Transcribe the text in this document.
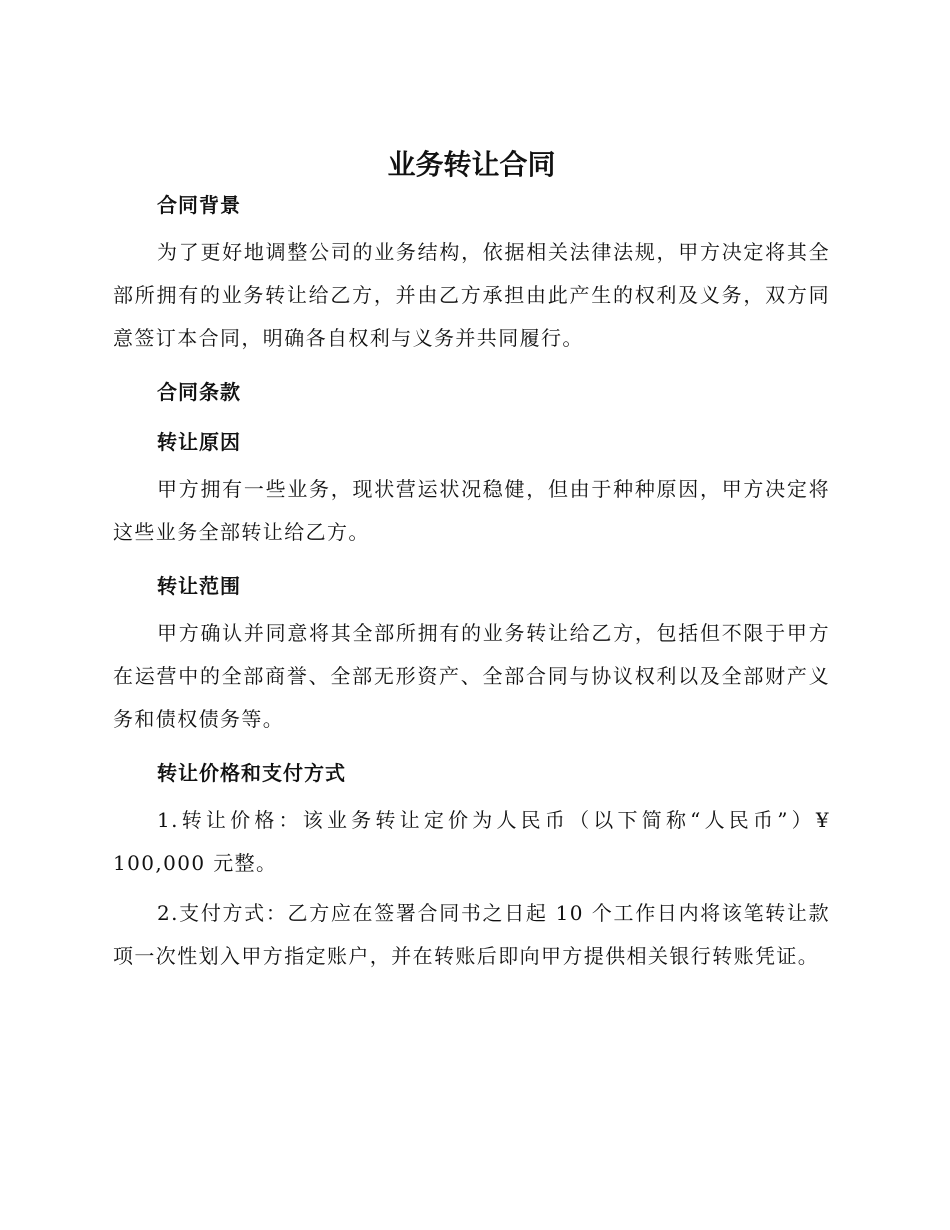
业务转让合同
合同背景

为了更好地调整公司的业务结构，依据相关法律法规，甲方决定将其全部所拥有的业务转让给乙方，并由乙方承担由此产生的权利及义务，双方同意签订本合同，明确各自权利与义务并共同履行。

合同条款
转让原因

甲方拥有一些业务，现状营运状况稳健，但由于种种原因，甲方决定将这些业务全部转让给乙方。

转让范围

甲方确认并同意将其全部所拥有的业务转让给乙方，包括但不限于甲方在运营中的全部商誉、全部无形资产、全部合同与协议权利以及全部财产义务和债权债务等。

转让价格和支付方式

1.转让价格：该业务转让定价为人民币（以下简称“人民币”）¥ 100,000 元整。

2.支付方式：乙方应在签署合同书之日起 10 个工作日内将该笔转让款项一次性划入甲方指定账户，并在转账后即向甲方提供相关银行转账凭证。
